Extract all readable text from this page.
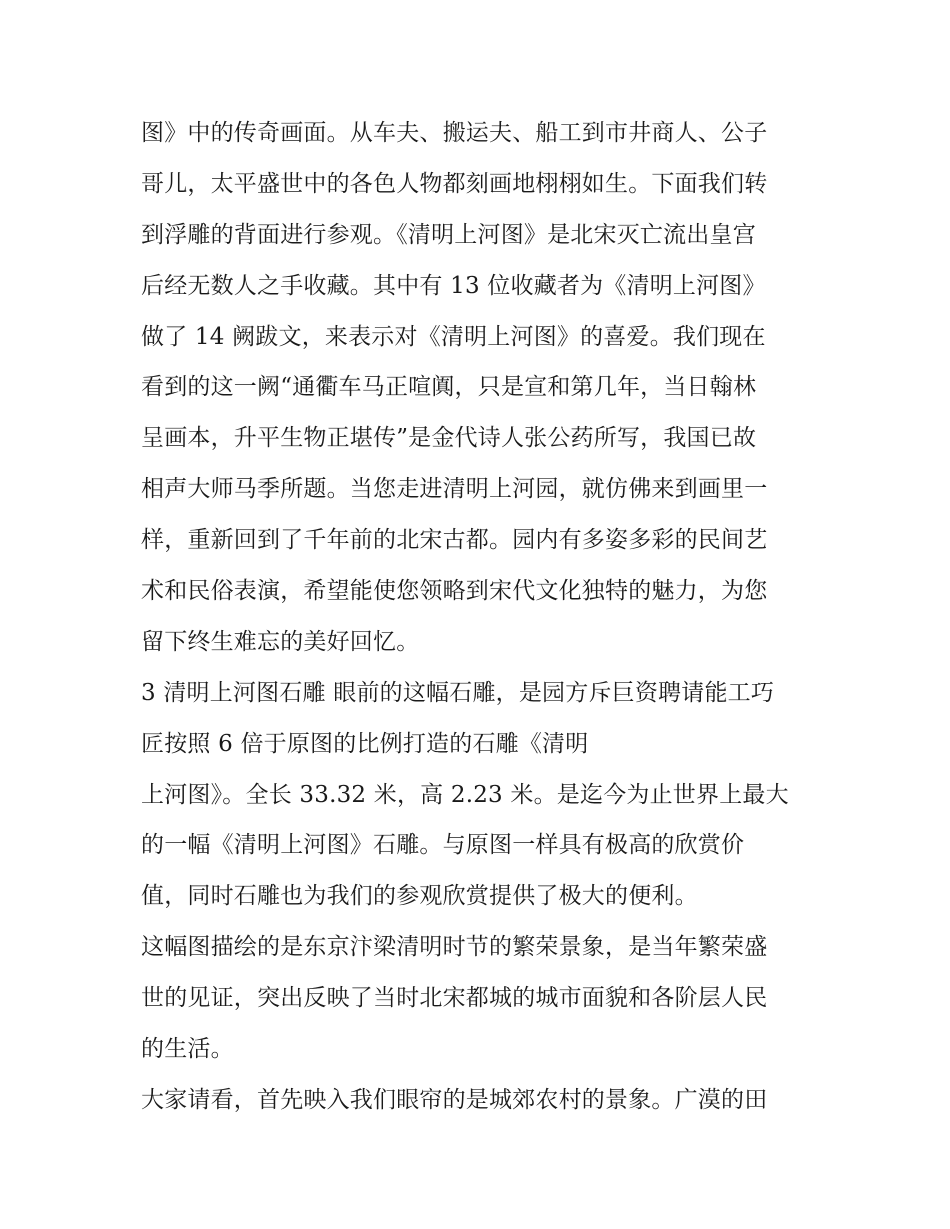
图》中的传奇画面。从车夫、搬运夫、船工到市井商人、公子
哥儿，太平盛世中的各色人物都刻画地栩栩如生。下面我们转
到浮雕的背面进行参观。《清明上河图》是北宋灭亡流出皇宫
后经无数人之手收藏。其中有 13 位收藏者为《清明上河图》
做了 14 阙跋文，来表示对《清明上河图》的喜爱。我们现在
看到的这一阙“通衢车马正喧阗，只是宣和第几年，当日翰林
呈画本，升平生物正堪传”是金代诗人张公药所写，我国已故
相声大师马季所题。当您走进清明上河园，就仿佛来到画里一
样，重新回到了千年前的北宋古都。园内有多姿多彩的民间艺
术和民俗表演，希望能使您领略到宋代文化独特的魅力，为您
留下终生难忘的美好回忆。
3 清明上河图石雕 眼前的这幅石雕，是园方斥巨资聘请能工巧
匠按照 6 倍于原图的比例打造的石雕《清明
上河图》。全长 33.32 米，高 2.23 米。是迄今为止世界上最大
的一幅《清明上河图》石雕。与原图一样具有极高的欣赏价
值，同时石雕也为我们的参观欣赏提供了极大的便利。
这幅图描绘的是东京汴梁清明时节的繁荣景象，是当年繁荣盛
世的见证，突出反映了当时北宋都城的城市面貌和各阶层人民
的生活。
大家请看，首先映入我们眼帘的是城郊农村的景象。广漠的田
